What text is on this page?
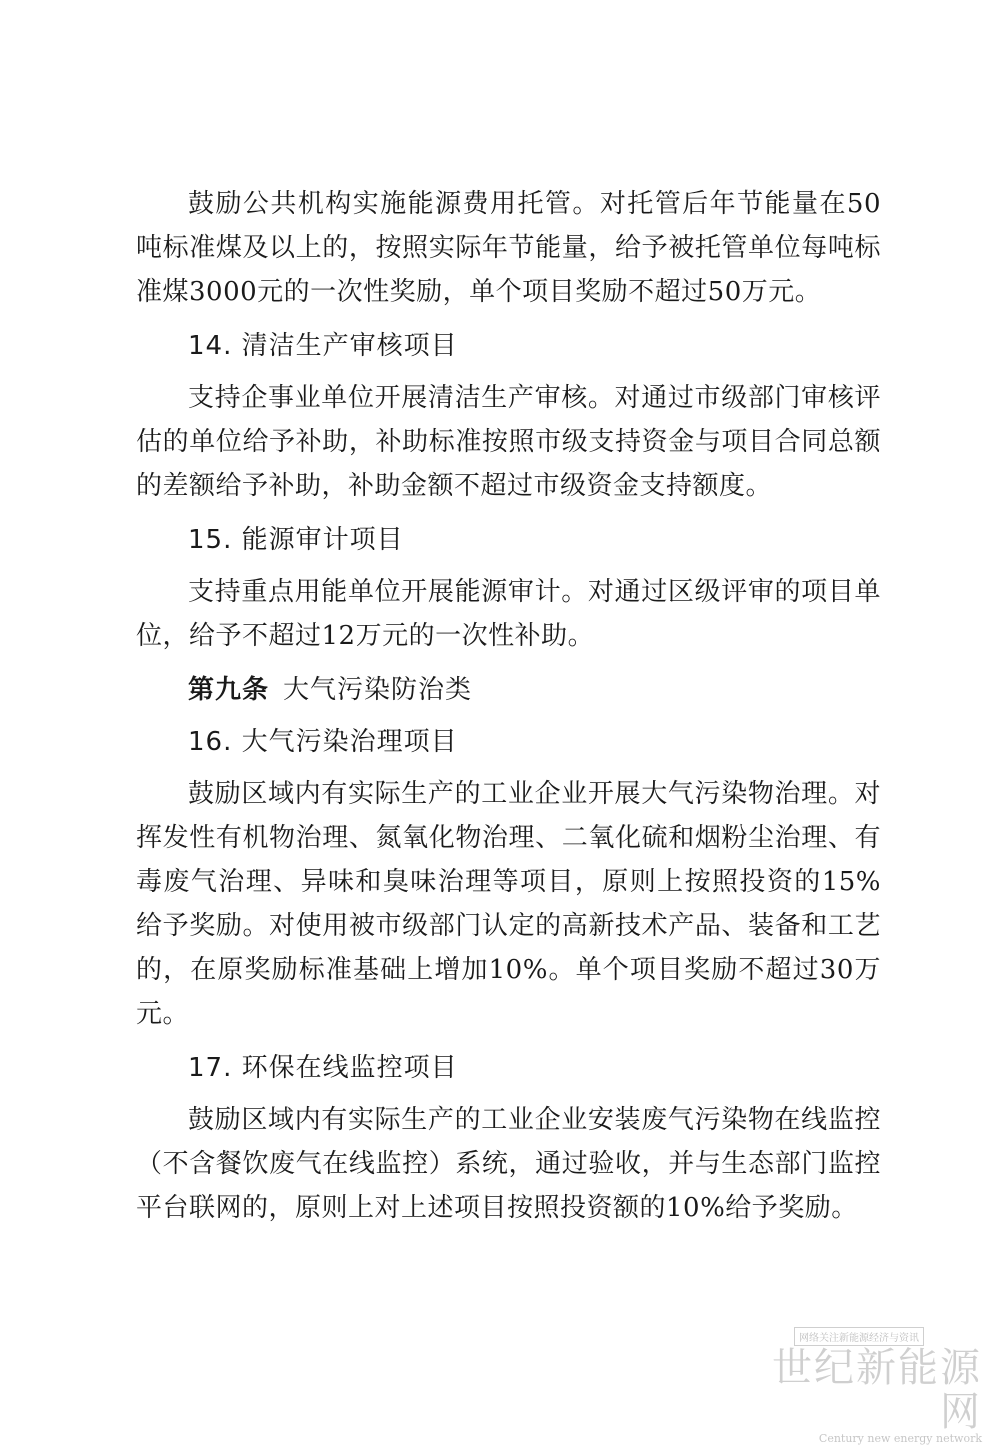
鼓励公共机构实施能源费用托管。对托管后年节能量在50吨标准煤及以上的，按照实际年节能量，给予被托管单位每吨标准煤3000元的一次性奖励，单个项目奖励不超过50万元。

14. 清洁生产审核项目

支持企事业单位开展清洁生产审核。对通过市级部门审核评估的单位给予补助，补助标准按照市级支持资金与项目合同总额的差额给予补助，补助金额不超过市级资金支持额度。

15. 能源审计项目

支持重点用能单位开展能源审计。对通过区级评审的项目单位，给予不超过12万元的一次性补助。

第九条 大气污染防治类
16. 大气污染治理项目

鼓励区域内有实际生产的工业企业开展大气污染物治理。对挥发性有机物治理、氮氧化物治理、二氧化硫和烟粉尘治理、有毒废气治理、异味和臭味治理等项目，原则上按照投资的15%给予奖励。对使用被市级部门认定的高新技术产品、装备和工艺的，在原奖励标准基础上增加10%。单个项目奖励不超过30万元。

17. 环保在线监控项目

鼓励区域内有实际生产的工业企业安装废气污染物在线监控（不含餐饮废气在线监控）系统，通过验收，并与生态部门监控平台联网的，原则上对上述项目按照投资额的10%给予奖励。

网络关注新能源经济与资讯
世纪新能源网
Century new energy network
